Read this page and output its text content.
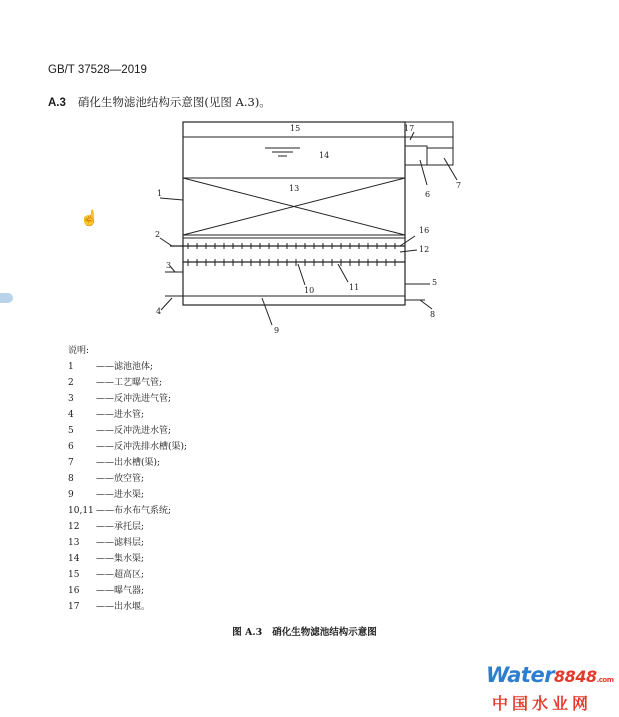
GB/T 37528—2019
A.3 硝化生物滤池结构示意图(见图 A.3)。
1
2
3
4
5
6
7
8
9
10	11
12
13
14
15
16
17
☝
说明:
1	——滤池池体;
2	——工艺曝气管;
3	——反冲洗进气管;
4	——进水管;
5	——反冲洗进水管;
6	——反冲洗排水槽(渠);
7	——出水槽(渠);
8	——放空管;
9	——进水渠;
10,11 ——布水布气系统;
12	——承托层;
13	——滤料层;
14	——集水渠;
15	——超高区;
16	——曝气器;
17	——出水堰。
图 A.3 硝化生物滤池结构示意图
Water8848.com
中国水业网
